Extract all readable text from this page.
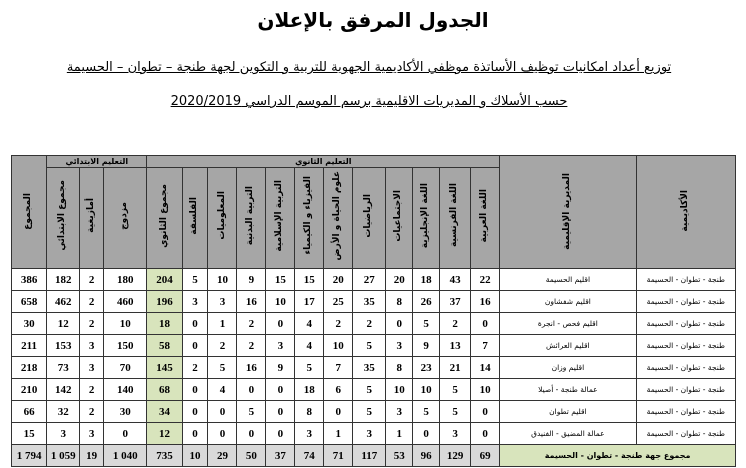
الجدول المرفق بالإعلان
توزيع أعداد امكانيات توظيف الأساتذة موظفي الأكاديمية الجهوية للتربية و التكوين لجهة طنجة – تطوان – الحسيمة
حسب الأسلاك و المديريات الاقليمية برسم الموسم الدراسي 2020/2019
المجموع	التعليم الابتدائي			التعليم الثانوي												المديرية الإقليمية	الأكاديمية
	مجموع الابتدائي	أمازيغية	مزدوج	مجموع الثانوي	الفلسفة	المعلوميات	التربية البدنية	التربية الإسلامية	الفيزياء و الكيمياء	علوم الحياة و الأرض	الرياضيات	الاجتماعيات	اللغة الإنجليزية	اللغة الفرنسية	اللغة العربية		
386	182	2	180	204	5	10	9	15	15	20	27	20	18	43	22	اقليم الحسيمة	طنجة - تطوان - الحسيمة
658	462	2	460	196	3	3	16	10	17	25	35	8	26	37	16	اقليم شفشاون	طنجة - تطوان - الحسيمة
30	12	2	10	18	0	1	2	0	4	2	2	0	5	2	0	اقليم فحص - انجرة	طنجة - تطوان - الحسيمة
211	153	3	150	58	0	2	2	3	4	10	5	3	9	13	7	اقليم العرائش	طنجة - تطوان - الحسيمة
218	73	3	70	145	2	5	16	9	5	7	35	8	23	21	14	اقليم وزان	طنجة - تطوان - الحسيمة
210	142	2	140	68	0	4	0	0	18	6	5	10	10	5	10	عمالة طنجة - أصيلا	طنجة - تطوان - الحسيمة
66	32	2	30	34	0	0	5	0	8	0	5	3	5	5	0	اقليم تطوان	طنجة - تطوان - الحسيمة
15	3	3	0	12	0	0	0	0	3	1	3	1	0	3	0	عمالة المضيق - الفنيدق	طنجة - تطوان - الحسيمة
1 794	1 059	19	1 040	735	10	29	50	37	74	71	117	53	96	129	69	مجموع جهة طنجة - تطوان - الحسيمة	
